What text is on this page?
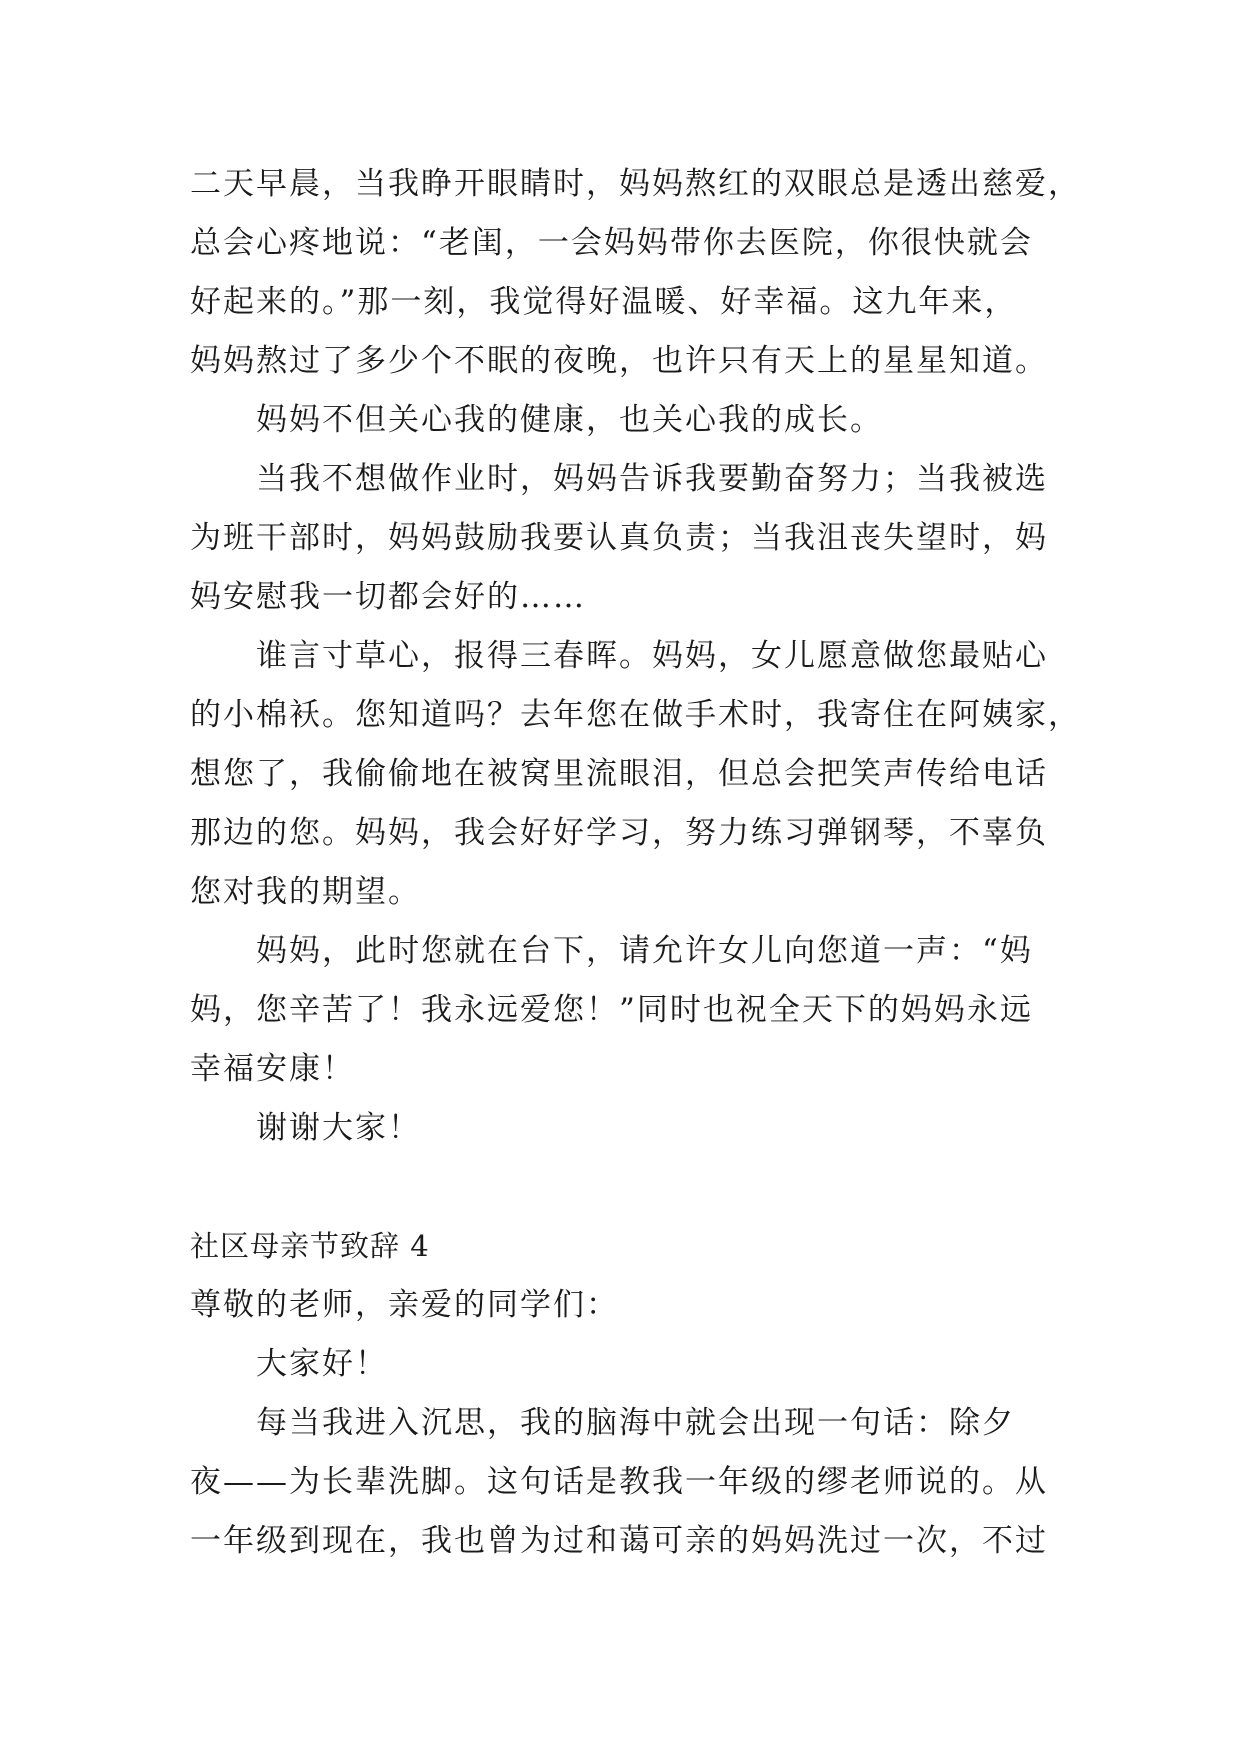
二天早晨，当我睁开眼睛时，妈妈熬红的双眼总是透出慈爱，
总会心疼地说：“老闺，一会妈妈带你去医院，你很快就会
好起来的。”那一刻，我觉得好温暖、好幸福。这九年来，
妈妈熬过了多少个不眠的夜晚，也许只有天上的星星知道。
妈妈不但关心我的健康，也关心我的成长。
当我不想做作业时，妈妈告诉我要勤奋努力；当我被选
为班干部时，妈妈鼓励我要认真负责；当我沮丧失望时，妈
妈安慰我一切都会好的……
谁言寸草心，报得三春晖。妈妈，女儿愿意做您最贴心
的小棉袄。您知道吗？去年您在做手术时，我寄住在阿姨家，
想您了，我偷偷地在被窝里流眼泪，但总会把笑声传给电话
那边的您。妈妈，我会好好学习，努力练习弹钢琴，不辜负
您对我的期望。
妈妈，此时您就在台下，请允许女儿向您道一声：“妈
妈，您辛苦了！我永远爱您！”同时也祝全天下的妈妈永远
幸福安康！
谢谢大家！
社区母亲节致辞 4
尊敬的老师，亲爱的同学们：
大家好！
每当我进入沉思，我的脑海中就会出现一句话：除夕
夜——为长辈洗脚。这句话是教我一年级的缪老师说的。从
一年级到现在，我也曾为过和蔼可亲的妈妈洗过一次，不过
